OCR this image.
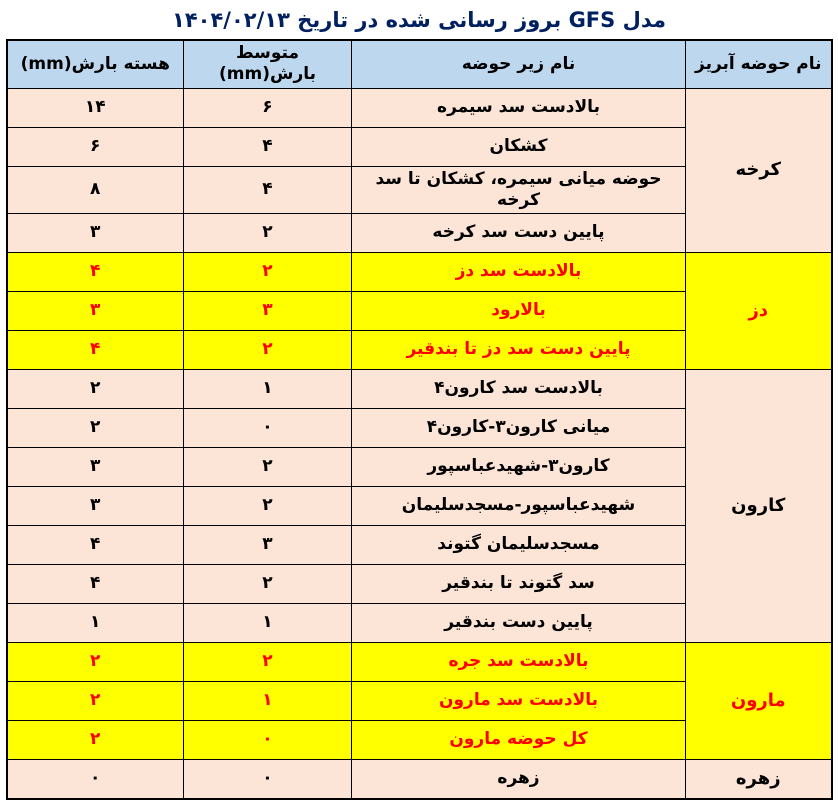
مدل GFS بروز رسانی شده در تاریخ ۱۴۰۴/۰۲/۱۳
نام حوضه آبریز	نام زیر حوضه	متوسط بارش(mm)	هسته بارش(mm)
کرخه	بالادست سد سیمره	۶	۱۴
	کشکان	۴	۶
	حوضه میانی سیمره، کشکان تا سد کرخه	۴	۸
	پایین دست سد کرخه	۲	۳
دز	بالادست سد دز	۲	۴
	بالارود	۳	۳
	پایین دست سد دز تا بندقیر	۲	۴
کارون	بالادست سد کارون۴	۱	۲
	میانی کارون۳-کارون۴	۰	۲
	کارون۳-شهیدعباسپور	۲	۳
	شهیدعباسپور-مسجدسلیمان	۲	۳
	مسجدسلیمان گتوند	۳	۴
	سد گتوند تا بندقیر	۲	۴
	پایین دست بندقیر	۱	۱
مارون	بالادست سد جره	۲	۲
	بالادست سد مارون	۱	۲
	کل حوضه مارون	۰	۲
زهره	زهره	۰	۰
